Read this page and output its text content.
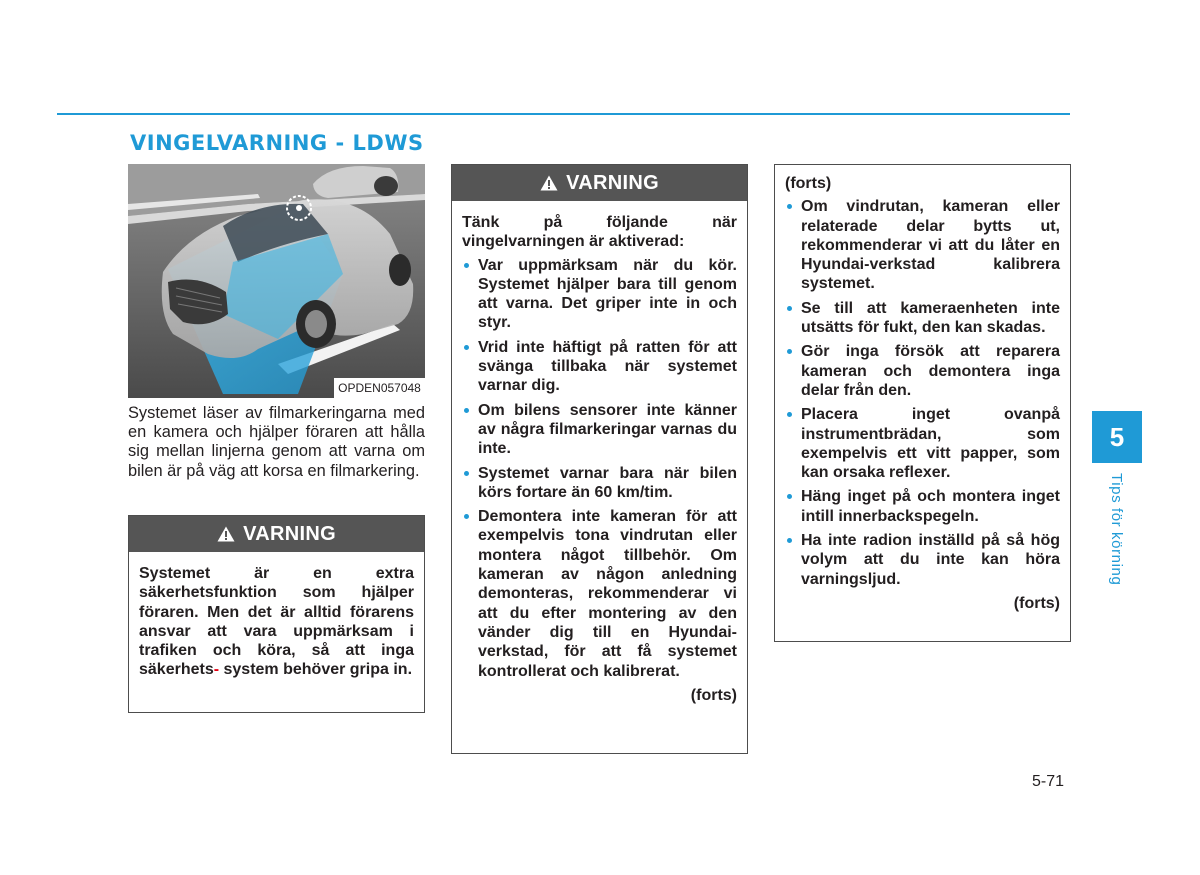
VINGELVARNING - LDWS
OPDEN057048

Systemet läser av filmarkeringarna med en kamera och hjälper föraren att hålla sig mellan linjerna genom att varna om bilen är på väg att korsa en filmarkering.

VARNING

Systemet är en extra säkerhetsfunktion som hjälper föraren. Men det är alltid förarens ansvar att vara uppmärksam i trafiken och köra, så att inga säkerhets- system behöver gripa in.

VARNING

Tänk på följande när vingelvarningen är aktiverad:

Var uppmärksam när du kör. Systemet hjälper bara till genom att varna. Det griper inte in och styr.
Vrid inte häftigt på ratten för att svänga tillbaka när systemet varnar dig.
Om bilens sensorer inte känner av några filmarkeringar varnas du inte.
Systemet varnar bara när bilen körs fortare än 60 km/tim.
Demontera inte kameran för att exempelvis tona vindrutan eller montera något tillbehör. Om kameran av någon anledning demonteras, rekommenderar vi att du efter montering av den vänder dig till en Hyundai-verkstad, för att få systemet kontrollerat och kalibrerat.
(forts)

(forts)

Om vindrutan, kameran eller relaterade delar bytts ut, rekommenderar vi att du låter en Hyundai-verkstad kalibrera systemet.
Se till att kameraenheten inte utsätts för fukt, den kan skadas.
Gör inga försök att reparera kameran och demontera inga delar från den.
Placera inget ovanpå instrumentbrädan, som exempelvis ett vitt papper, som kan orsaka reflexer.
Häng inget på och montera inget intill innerbackspegeln.
Ha inte radion inställd på så hög volym att du inte kan höra varningsljud.
(forts)
5
Tips för körning
5-71
